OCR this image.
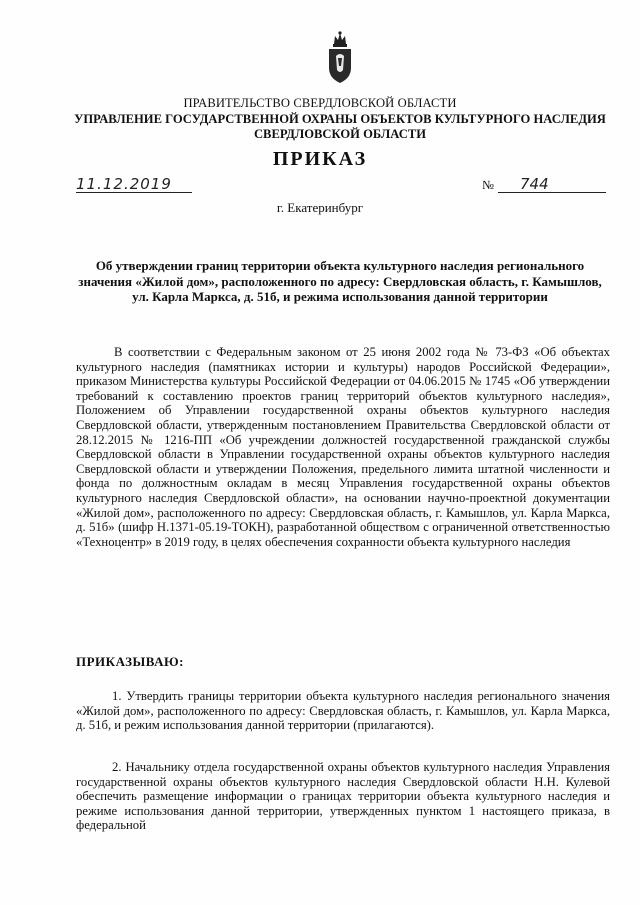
ПРАВИТЕЛЬСТВО СВЕРДЛОВСКОЙ ОБЛАСТИ
УПРАВЛЕНИЕ ГОСУДАРСТВЕННОЙ ОХРАНЫ ОБЪЕКТОВ КУЛЬТУРНОГО НАСЛЕДИЯ СВЕРДЛОВСКОЙ ОБЛАСТИ
ПРИКАЗ
11.12.2019	№	744
г. Екатеринбург
Об утверждении границ территории объекта культурного наследия регионального значения «Жилой дом», расположенного по адресу: Свердловская область, г. Камышлов, ул. Карла Маркса, д. 51б, и режима использования данной территории
В соответствии с Федеральным законом от 25 июня 2002 года № 73-ФЗ «Об объектах культурного наследия (памятниках истории и культуры) народов Российской Федерации», приказом Министерства культуры Российской Федерации от 04.06.2015 № 1745 «Об утверждении требований к составлению проектов границ территорий объектов культурного наследия», Положением об Управлении государственной охраны объектов культурного наследия Свердловской области, утвержденным постановлением Правительства Свердловской области от 28.12.2015 № 1216-ПП «Об учреждении должностей государственной гражданской службы Свердловской области в Управлении государственной охраны объектов культурного наследия Свердловской области и утверждении Положения, предельного лимита штатной численности и фонда по должностным окладам в месяц Управления государственной охраны объектов культурного наследия Свердловской области», на основании научно-проектной документации «Жилой дом», расположенного по адресу: Свердловская область, г. Камышлов, ул. Карла Маркса, д. 51б» (шифр Н.1371-05.19-ТОКН), разработанной обществом с ограниченной ответственностью «Техноцентр» в 2019 году, в целях обеспечения сохранности объекта культурного наследия
ПРИКАЗЫВАЮ:
1. Утвердить границы территории объекта культурного наследия регионального значения «Жилой дом», расположенного по адресу: Свердловская область, г. Камышлов, ул. Карла Маркса, д. 51б, и режим использования данной территории (прилагаются).
2. Начальнику отдела государственной охраны объектов культурного наследия Управления государственной охраны объектов культурного наследия Свердловской области Н.Н. Кулевой обеспечить размещение информации о границах территории объекта культурного наследия и режиме использования данной территории, утвержденных пунктом 1 настоящего приказа, в федеральной
